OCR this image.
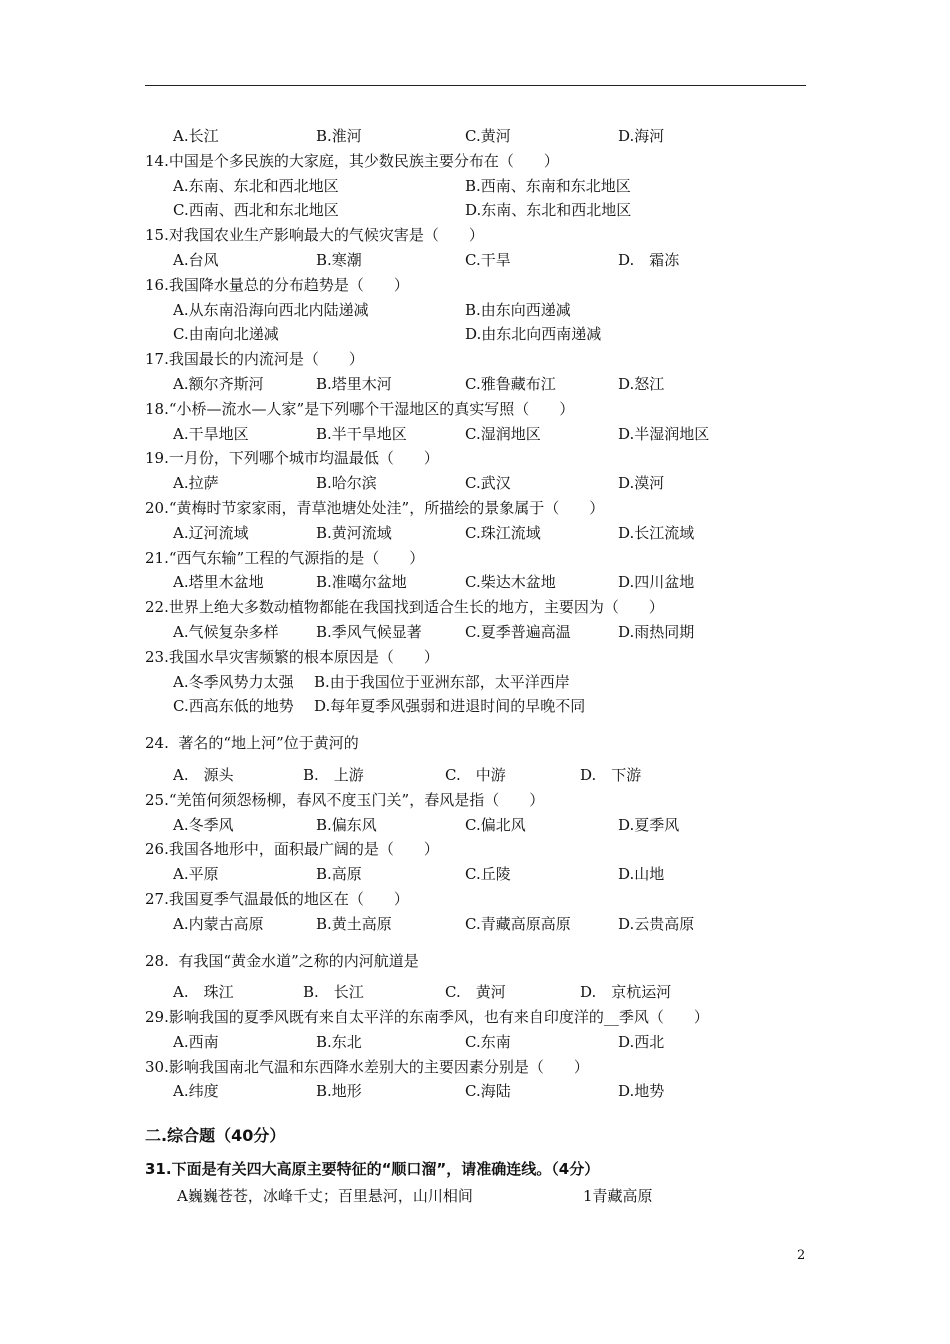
A.长江	B.淮河	C.黄河	D.海河
14.中国是个多民族的大家庭，其少数民族主要分布在（　　）
A.东南、东北和西北地区	B.西南、东南和东北地区
C.西南、西北和东北地区	D.东南、东北和西北地区
15.对我国农业生产影响最大的气候灾害是（　　）
A.台风	B.寒潮	C.干旱	D.　霜冻
16.我国降水量总的分布趋势是（　　）
A.从东南沿海向西北内陆递减	B.由东向西递减
C.由南向北递减	D.由东北向西南递减
17.我国最长的内流河是（　　）
A.额尔齐斯河	B.塔里木河	C.雅鲁藏布江	D.怒江
18.“小桥—流水—人家”是下列哪个干湿地区的真实写照（　　）
A.干旱地区	B.半干旱地区	C.湿润地区	D.半湿润地区
19.一月份，下列哪个城市均温最低（　　）
A.拉萨	B.哈尔滨	C.武汉	D.漠河
20.“黄梅时节家家雨，青草池塘处处洼”，所描绘的景象属于（　　）
A.辽河流域	B.黄河流域	C.珠江流域	D.长江流域
21.“西气东输”工程的气源指的是（　　）
A.塔里木盆地	B.准噶尔盆地	C.柴达木盆地	D.四川盆地
22.世界上绝大多数动植物都能在我国找到适合生长的地方，主要因为（　　）
A.气候复杂多样 B.季风气候显著	C.夏季普遍高温	D.雨热同期
23.我国水旱灾害频繁的根本原因是（　　）
A.冬季风势力太强 B.由于我国位于亚洲东部，太平洋西岸
C.西高东低的地势 D.每年夏季风强弱和进退时间的早晚不同
24. 著名的“地上河”位于黄河的
A.　源头	B.　上游	C.　中游	D.　下游
25.“羌笛何须怨杨柳，春风不度玉门关”，春风是指（　　）
A.冬季风	B.偏东风	C.偏北风	D.夏季风
26.我国各地形中，面积最广阔的是（　　）
A.平原	B.高原	C.丘陵	D.山地
27.我国夏季气温最低的地区在（　　）
A.内蒙古高原	B.黄土高原	C.青藏高原高原	D.云贵高原
28. 有我国“黄金水道”之称的内河航道是
A.　珠江	B.　长江	C.　黄河	D.　京杭运河
29.影响我国的夏季风既有来自太平洋的东南季风，也有来自印度洋的__季风（　　）
A.西南	B.东北	C.东南	D.西北
30.影响我国南北气温和东西降水差别大的主要因素分别是（　　）
A.纬度	B.地形	C.海陆	D.地势
二.综合题（40分）
31.下面是有关四大高原主要特征的“顺口溜”，请准确连线。（4分）
A巍巍苍苍，冰峰千丈；百里悬河，山川相间	1青藏高原
2
